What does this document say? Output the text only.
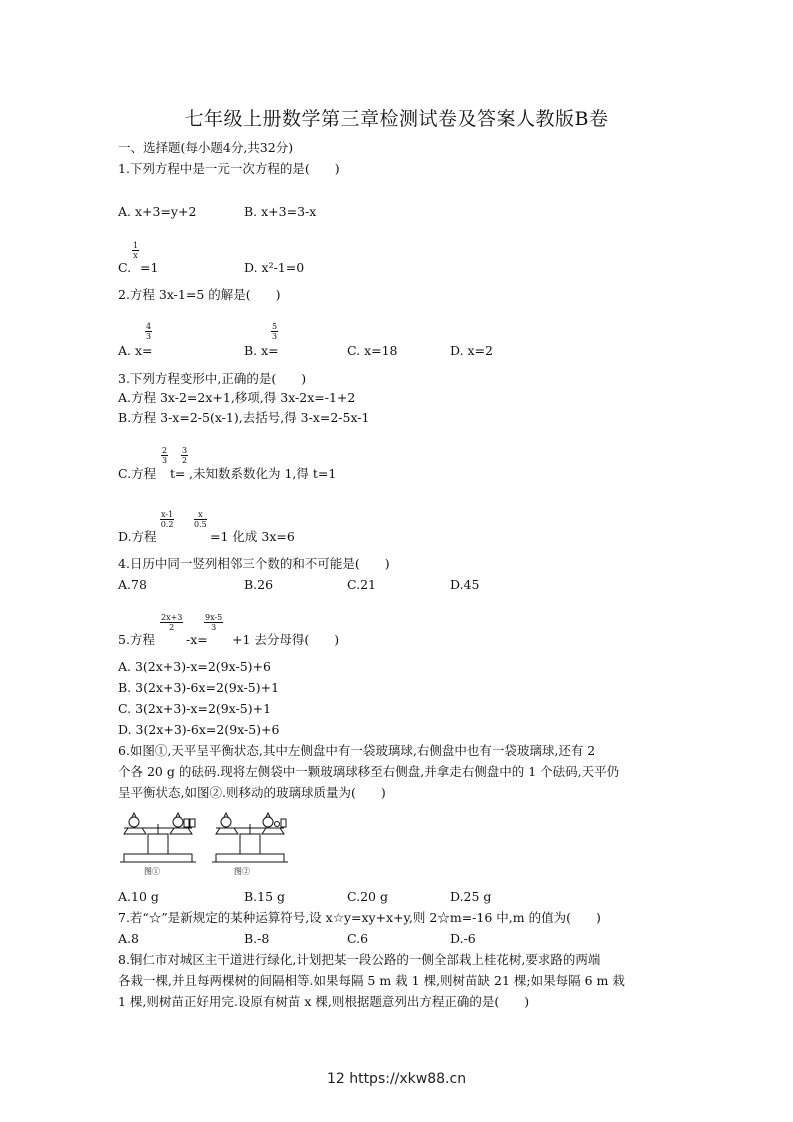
七年级上册数学第三章检测试卷及答案人教版B卷
一、选择题(每小题4分,共32分)
1.下列方程中是一元一次方程的是(　　)
A. x+3=y+2	B. x+3=3-x
C.
$\frac{1}{x}$
=1	D. x²-1=0
2.方程 3x-1=5 的解是(　　)
A. x=
$\frac{4}{3}$
B. x=
$\frac{5}{3}$
C. x=18	D. x=2
3.下列方程变形中,正确的是(　　)
A.方程 3x-2=2x+1,移项,得 3x-2x=-1+2
B.方程 3-x=2-5(x-1),去括号,得 3-x=2-5x-1
C.方程
$\frac{2}{3}$
t=
$\frac{3}{2}$
,未知数系数化为 1,得 t=1
D.方程
$\frac{x-1}{0.2} \frac{x}{0.5}$
=1 化成 3x=6
4.日历中同一竖列相邻三个数的和不可能是(　　)
A.78	B.26	C.21	D.45
5.方程
$\frac{2x+3}{2}$
-x=
$\frac{9x-5}{3}$
+1 去分母得(　　)
A. 3(2x+3)-x=2(9x-5)+6
B. 3(2x+3)-6x=2(9x-5)+1
C. 3(2x+3)-x=2(9x-5)+1
D. 3(2x+3)-6x=2(9x-5)+6
6.如图①,天平呈平衡状态,其中左侧盘中有一袋玻璃球,右侧盘中也有一袋玻璃球,还有 2
个各 20 g 的砝码.现将左侧袋中一颗玻璃球移至右侧盘,并拿走右侧盘中的 1 个砝码,天平仍
呈平衡状态,如图②.则移动的玻璃球质量为(　　)
图①	图②
A.10 g	B.15 g	C.20 g	D.25 g
7.若“☆”是新规定的某种运算符号,设 x☆y=xy+x+y,则 2☆m=-16 中,m 的值为(　　)
A.8	B.-8	C.6	D.-6
8.铜仁市对城区主干道进行绿化,计划把某一段公路的一侧全部栽上桂花树,要求路的两端
各栽一棵,并且每两棵树的间隔相等.如果每隔 5 m 栽 1 棵,则树苗缺 21 棵;如果每隔 6 m 栽
1 棵,则树苗正好用完.设原有树苗 x 棵,则根据题意列出方程正确的是(　　)
12 https://xkw88.cn
